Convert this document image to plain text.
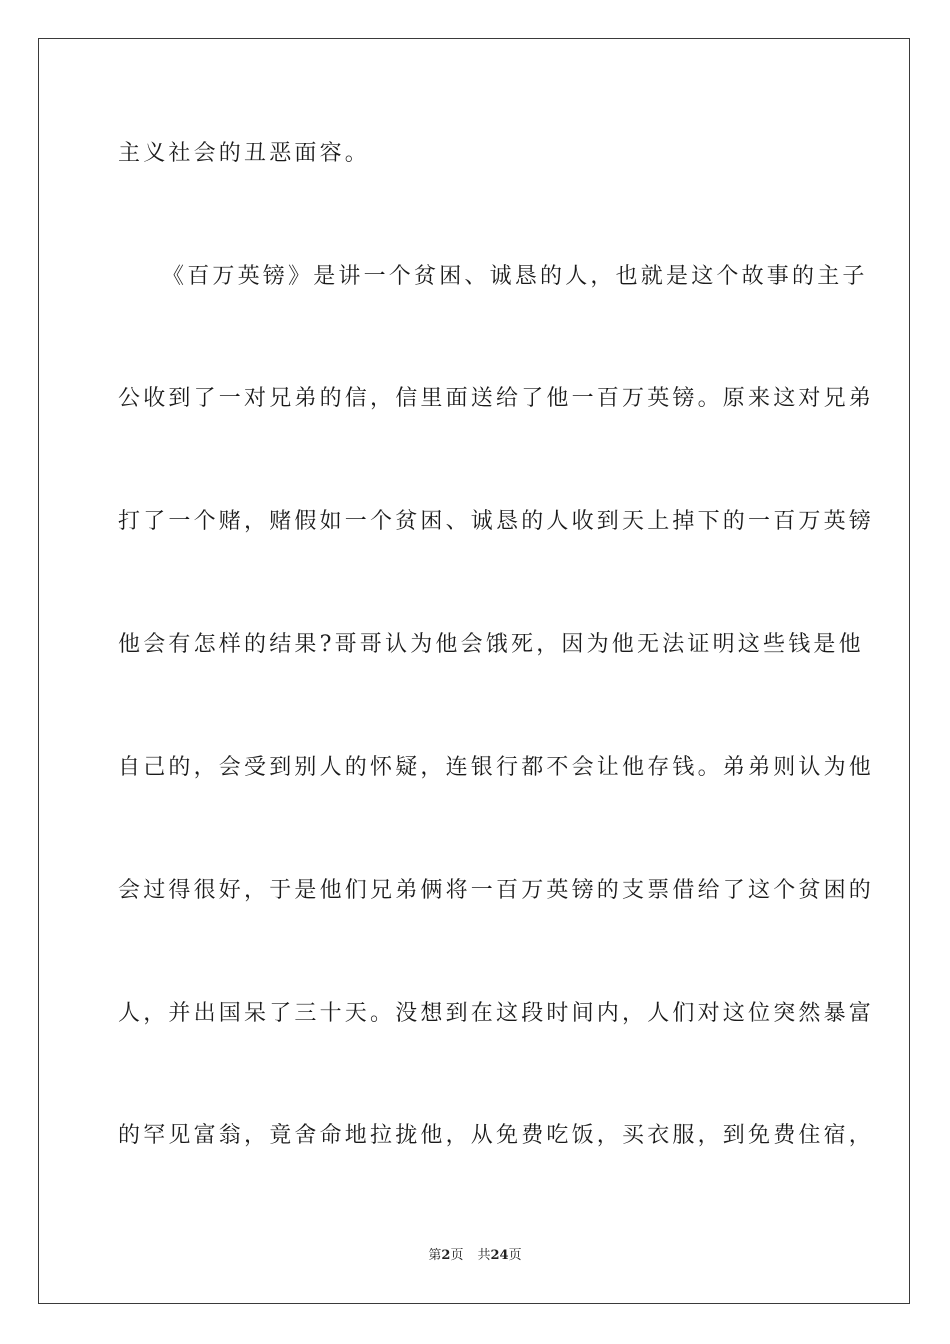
主义社会的丑恶面容。
《百万英镑》是讲一个贫困、诚恳的人，也就是这个故事的主子
公收到了一对兄弟的信，信里面送给了他一百万英镑。原来这对兄弟
打了一个赌，赌假如一个贫困、诚恳的人收到天上掉下的一百万英镑
他会有怎样的结果?哥哥认为他会饿死，因为他无法证明这些钱是他
自己的，会受到别人的怀疑，连银行都不会让他存钱。弟弟则认为他
会过得很好，于是他们兄弟俩将一百万英镑的支票借给了这个贫困的
人，并出国呆了三十天。没想到在这段时间内，人们对这位突然暴富
的罕见富翁，竟舍命地拉拢他，从免费吃饭，买衣服，到免费住宿，
第2页 共24页
